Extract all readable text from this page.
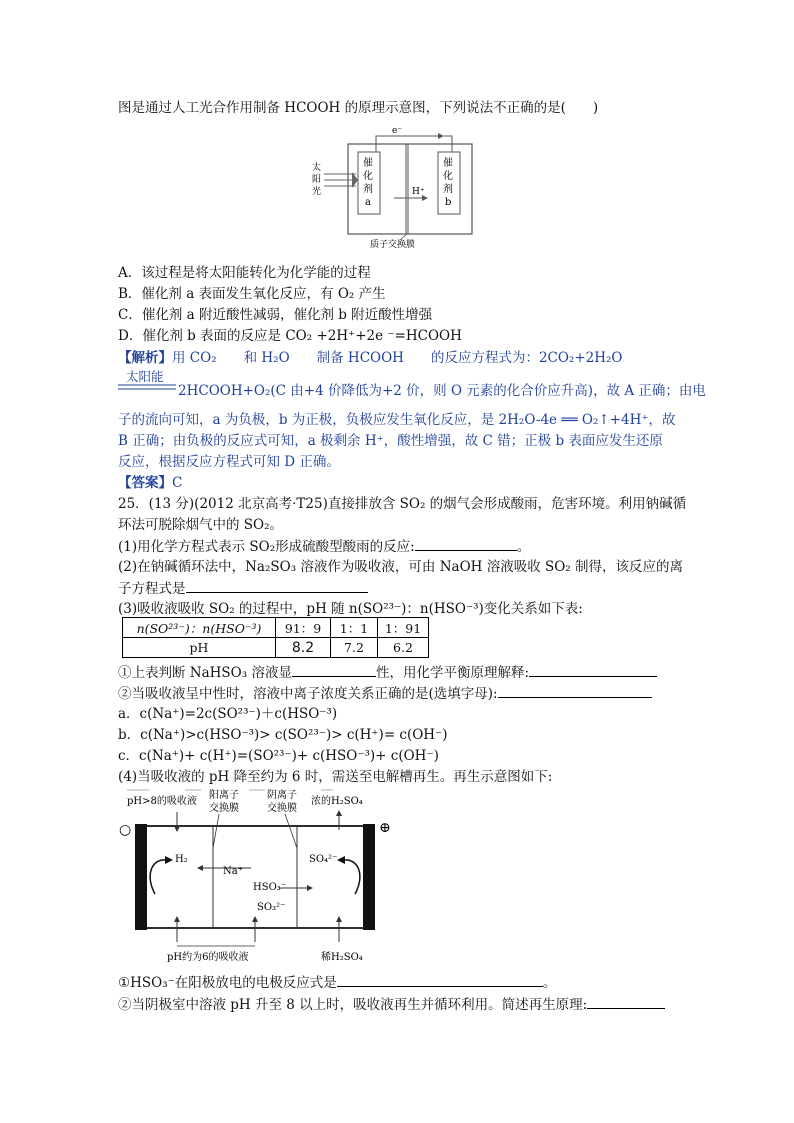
图是通过人工光合作用制备 HCOOH 的原理示意图，下列说法不正确的是(　　)
e⁻
催
化
剂
a
催
化
剂
b
太
阳
光	H⁺
质子交换膜
A．该过程是将太阳能转化为化学能的过程
B．催化剂 a 表面发生氧化反应，有 O₂ 产生
C．催化剂 a 附近酸性减弱，催化剂 b 附近酸性增强
D．催化剂 b 表面的反应是 CO₂ +2H⁺+2e ⁻=HCOOH
【解析】用 CO₂　　和 H₂O　　制备 HCOOH　　的反应方程式为：2CO₂+2H₂O
太阳能
2HCOOH+O₂(C 由+4 价降低为+2 价，则 O 元素的化合价应升高)，故 A 正确；由电
子的流向可知，a 为负极，b 为正极，负极应发生氧化反应，是 2H₂O-4e ══ O₂↑+4H⁺，故
B 正确；由负极的反应式可知，a 极剩余 H⁺，酸性增强，故 C 错；正极 b 表面应发生还原
反应，根据反应方程式可知 D 正确。
【答案】C
25．(13 分)(2012 北京高考·T25)直接排放含 SO₂ 的烟气会形成酸雨，危害环境。利用钠碱循
环法可脱除烟气中的 SO₂。
(1)用化学方程式表示 SO₂形成硫酸型酸雨的反应:	。
(2)在钠碱循环法中，Na₂SO₃ 溶液作为吸收液，可由 NaOH 溶液吸收 SO₂ 制得，该反应的离
子方程式是
(3)吸收液吸收 SO₂ 的过程中，pH 随 n(SO²³⁻)：n(HSO⁻³)变化关系如下表:
n(SO²³⁻)：n(HSO⁻³)	91：9	1：1	1：91
pH	8.2	7.2	6.2
①上表判断 NaHSO₃ 溶液显	性，用化学平衡原理解释:
②当吸收液呈中性时，溶液中离子浓度关系正确的是(选填字母):
a．c(Na⁺)=2c(SO²³⁻)＋c(HSO⁻³)
b．c(Na⁺)>c(HSO⁻³)> c(SO²³⁻)> c(H⁺)= c(OH⁻)
c．c(Na⁺)+ c(H⁺)=(SO²³⁻)+ c(HSO⁻³)+ c(OH⁻)
(4)当吸收液的 pH 降至约为 6 时，需送至电解槽再生。再生示意图如下:
pH>8的吸收液
阳离子
交换膜
阴离子
交换膜
浓的H₂SO₄
○	⊕
H₂
Na⁺
SO₄²⁻
HSO₃⁻
SO₃²⁻
pH约为6的吸收液	稀H₂SO₄
①HSO₃⁻在阳极放电的电极反应式是	。
②当阴极室中溶液 pH 升至 8 以上时，吸收液再生并循环利用。简述再生原理:
